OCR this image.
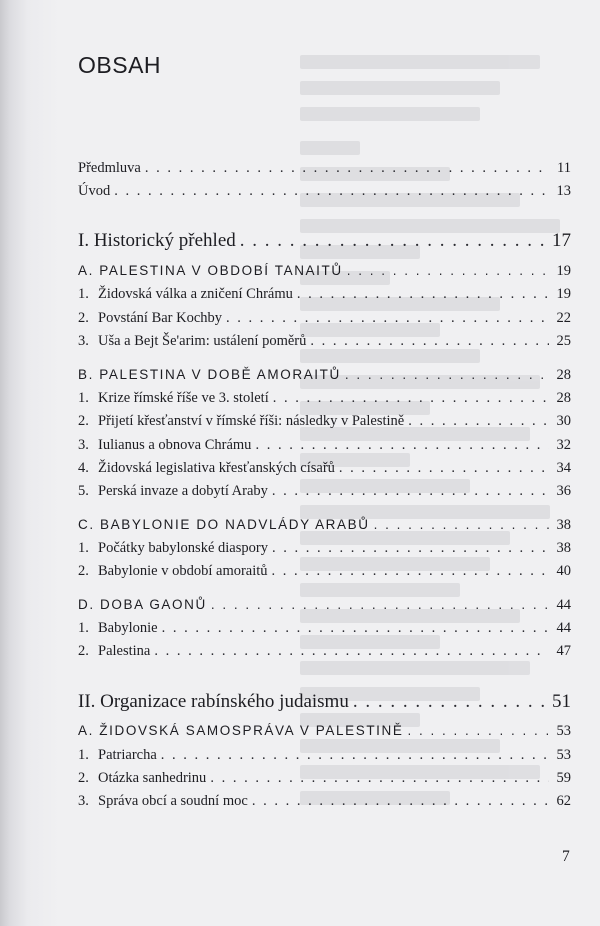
OBSAH
Předmluva . . .	11
Úvod . . .	13
I. Historický přehled . . .	17
A. PALESTINA V OBDOBÍ TANAITŮ . . .	19
1. Židovská válka a zničení Chrámu . . .	19
2. Povstání Bar Kochby . . .	22
3. Uša a Bejt Še'arim: ustálení poměrů . . .	25
B. PALESTINA V DOBĚ AMORAITŮ . . .	28
1. Krize římské říše ve 3. století . . .	28
2. Přijetí křesťanství v římské říši: následky v Palestině . . .	30
3. Iulianus a obnova Chrámu . . .	32
4. Židovská legislativa křesťanských císařů . . .	34
5. Perská invaze a dobytí Araby . . .	36
C. BABYLONIE DO NADVLÁDY ARABŮ . . .	38
1. Počátky babylonské diaspory . . .	38
2. Babylonie v období amoraitů . . .	40
D. DOBA GAONŮ . . .	44
1. Babylonie . . .	44
2. Palestina . . .	47
II. Organizace rabínského judaismu . . .	51
A. ŽIDOVSKÁ SAMOSPRÁVA V PALESTINĚ . . .	53
1. Patriarcha . . .	53
2. Otázka sanhedrinu . . .	59
3. Správa obcí a soudní moc . . .	62
7
